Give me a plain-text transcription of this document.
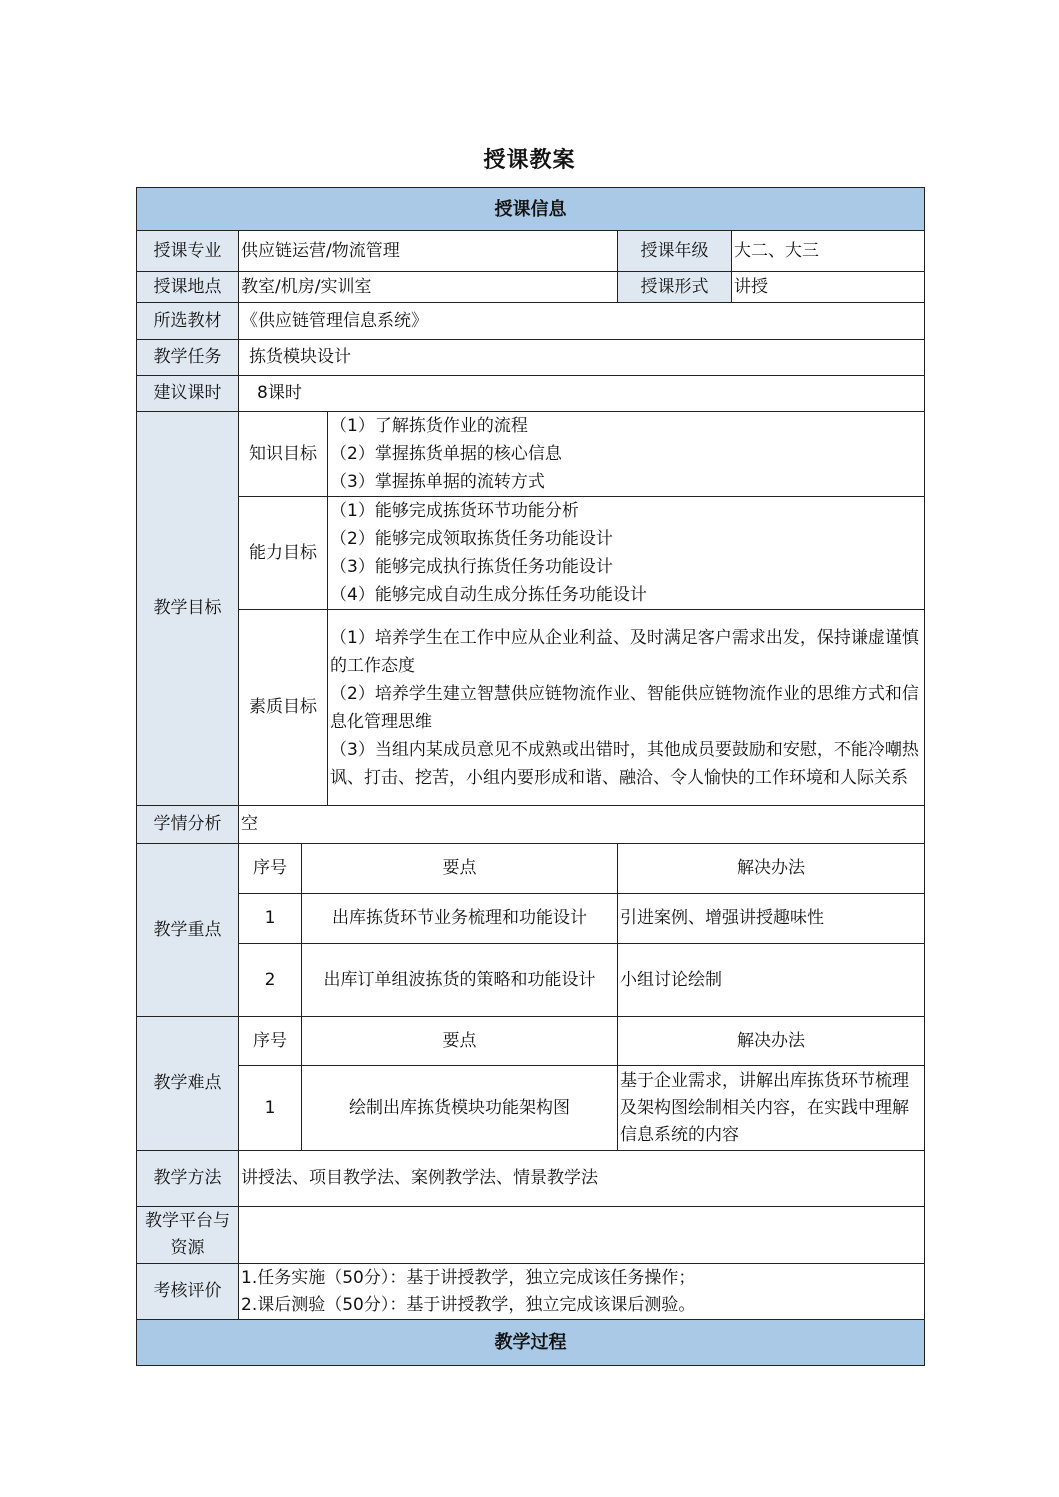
授课教案
授课信息					
授课专业	供应链运营/物流管理			授课年级	大二、大三
授课地点	教室/机房/实训室			授课形式	讲授
所选教材	《供应链管理信息系统》				
教学任务	拣货模块设计				
建议课时	8课时				
教学目标	知识目标		（1）了解拣货作业的流程
（2）掌握拣货单据的核心信息
（3）掌握拣单据的流转方式		

	能力目标		（1）能够完成拣货环节功能分析
（2）能够完成领取拣货任务功能设计
（3）能够完成执行拣货任务功能设计
（4）能够完成自动生成分拣任务功能设计		

	素质目标		（1）培养学生在工作中应从企业利益、及时满足客户需求出发，保持谦虚谨慎的工作态度
（2）培养学生建立智慧供应链物流作业、智能供应链物流作业的思维方式和信息化管理思维
（3）当组内某成员意见不成熟或出错时，其他成员要鼓励和安慰，不能冷嘲热讽、打击、挖苦，小组内要形成和谐、融洽、令人愉快的工作环境和人际关系		

学情分析	空				
教学重点	序号	要点		解决办法	
	1	出库拣货环节业务梳理和功能设计		引进案例、增强讲授趣味性	
	2	出库订单组波拣货的策略和功能设计		小组讨论绘制	
教学难点	序号	要点		解决办法	
	1	绘制出库拣货模块功能架构图		基于企业需求，讲解出库拣货环节梳理及架构图绘制相关内容，在实践中理解信息系统的内容	
教学方法	讲授法、项目教学法、案例教学法、情景教学法				
教学平台与资源					
考核评价	1.任务实施（50分）：基于讲授教学，独立完成该任务操作；
2.课后测验（50分）：基于讲授教学，独立完成该课后测验。				

教学过程					
